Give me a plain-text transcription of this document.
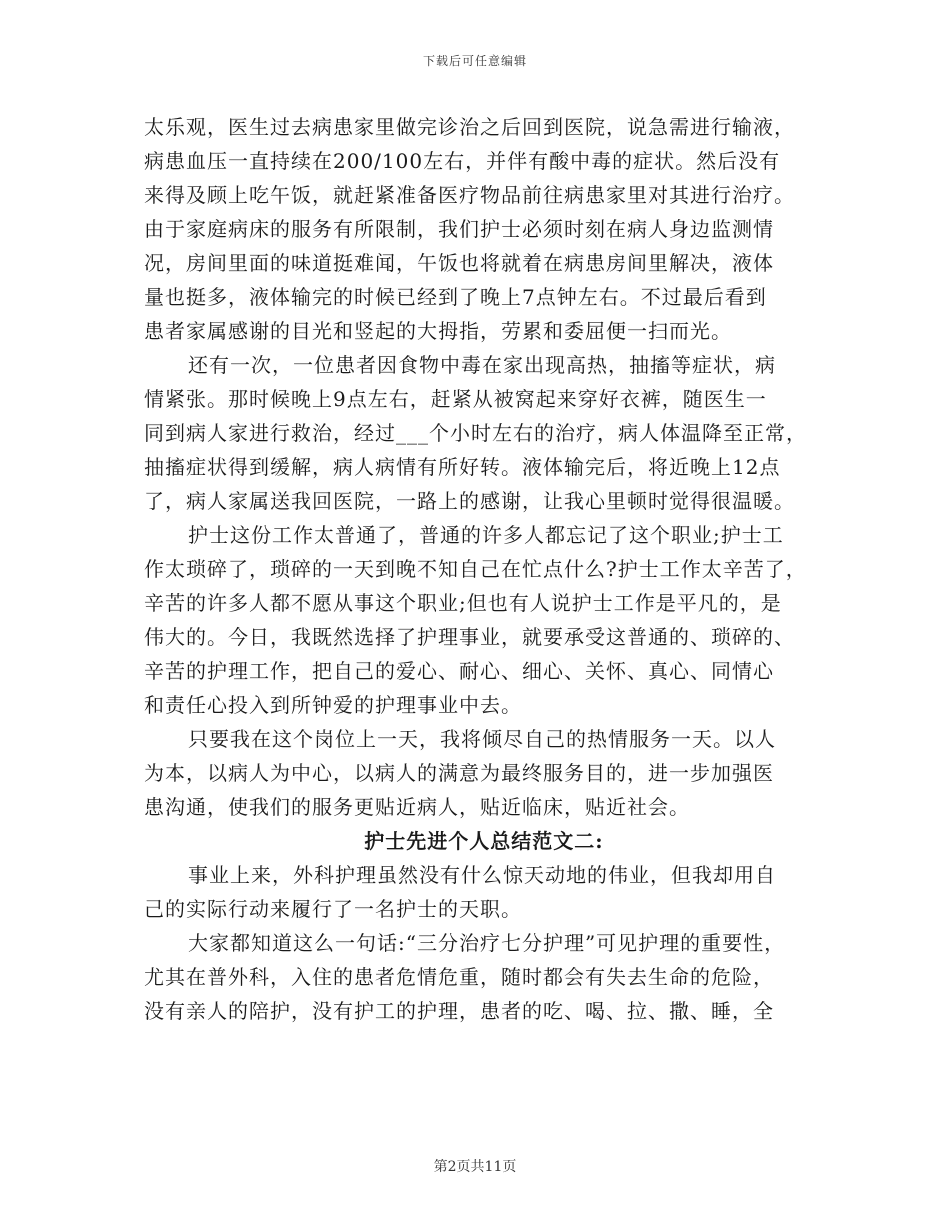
下载后可任意编辑
太乐观，医生过去病患家里做完诊治之后回到医院，说急需进行输液，
病患血压一直持续在200/100左右，并伴有酸中毒的症状。然后没有
来得及顾上吃午饭，就赶紧准备医疗物品前往病患家里对其进行治疗。
由于家庭病床的服务有所限制，我们护士必须时刻在病人身边监测情
况，房间里面的味道挺难闻，午饭也将就着在病患房间里解决，液体
量也挺多，液体输完的时候已经到了晚上7点钟左右。不过最后看到
患者家属感谢的目光和竖起的大拇指，劳累和委屈便一扫而光。
还有一次，一位患者因食物中毒在家出现高热，抽搐等症状，病
情紧张。那时候晚上9点左右，赶紧从被窝起来穿好衣裤，随医生一
同到病人家进行救治，经过___个小时左右的治疗，病人体温降至正常，
抽搐症状得到缓解，病人病情有所好转。液体输完后，将近晚上12点
了，病人家属送我回医院，一路上的感谢，让我心里顿时觉得很温暖。
护士这份工作太普通了，普通的许多人都忘记了这个职业;护士工
作太琐碎了，琐碎的一天到晚不知自己在忙点什么?护士工作太辛苦了，
辛苦的许多人都不愿从事这个职业;但也有人说护士工作是平凡的，是
伟大的。今日，我既然选择了护理事业，就要承受这普通的、琐碎的、
辛苦的护理工作，把自己的爱心、耐心、细心、关怀、真心、同情心
和责任心投入到所钟爱的护理事业中去。
只要我在这个岗位上一天，我将倾尽自己的热情服务一天。以人
为本，以病人为中心，以病人的满意为最终服务目的，进一步加强医
患沟通，使我们的服务更贴近病人，贴近临床，贴近社会。
护士先进个人总结范文二:
事业上来，外科护理虽然没有什么惊天动地的伟业，但我却用自
己的实际行动来履行了一名护士的天职。
大家都知道这么一句话:“三分治疗七分护理”可见护理的重要性，
尤其在普外科，入住的患者危情危重，随时都会有失去生命的危险，
没有亲人的陪护，没有护工的护理，患者的吃、喝、拉、撒、睡，全
第2页共11页
